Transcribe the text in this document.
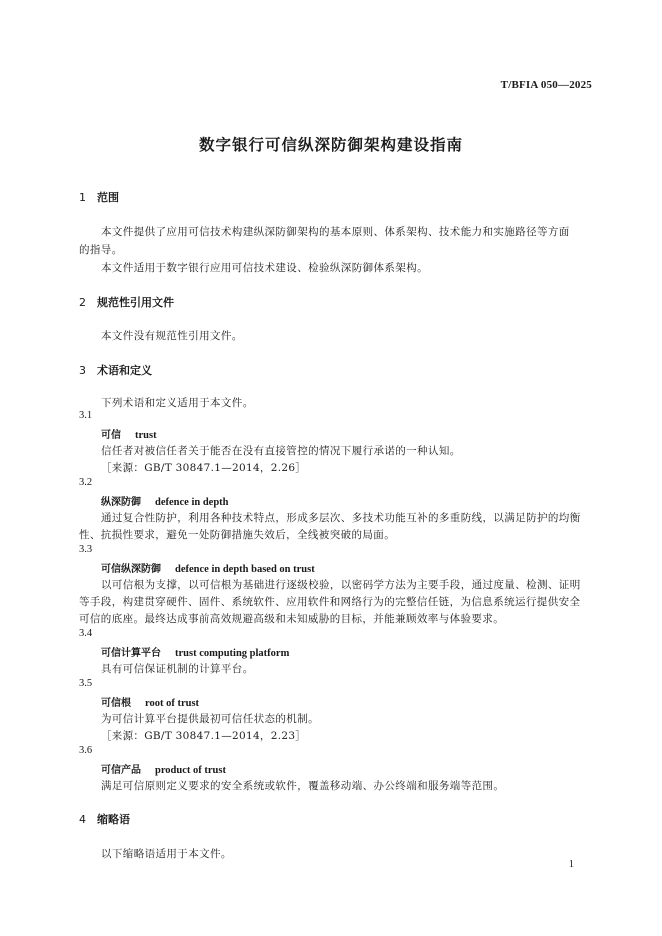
T/BFIA 050—2025
数字银行可信纵深防御架构建设指南
1 范围
本文件提供了应用可信技术构建纵深防御架构的基本原则、体系架构、技术能力和实施路径等方面
的指导。
本文件适用于数字银行应用可信技术建设、检验纵深防御体系架构。
2 规范性引用文件
本文件没有规范性引用文件。
3 术语和定义
下列术语和定义适用于本文件。
3.1
可信 trust
信任者对被信任者关于能否在没有直接管控的情况下履行承诺的一种认知。
［来源：GB/T 30847.1—2014，2.26］
3.2
纵深防御 defence in depth
通过复合性防护，利用各种技术特点，形成多层次、多技术功能互补的多重防线，以满足防护的均衡
性、抗损性要求，避免一处防御措施失效后，全线被突破的局面。
3.3
可信纵深防御 defence in depth based on trust
以可信根为支撑，以可信根为基础进行逐级校验，以密码学方法为主要手段，通过度量、检测、证明
等手段，构建贯穿硬件、固件、系统软件、应用软件和网络行为的完整信任链，为信息系统运行提供安全
可信的底座。最终达成事前高效规避高级和未知威胁的目标，并能兼顾效率与体验要求。
3.4
可信计算平台 trust computing platform
具有可信保证机制的计算平台。
3.5
可信根 root of trust
为可信计算平台提供最初可信任状态的机制。
［来源：GB/T 30847.1—2014，2.23］
3.6
可信产品 product of trust
满足可信原则定义要求的安全系统或软件，覆盖移动端、办公终端和服务端等范围。
4 缩略语
以下缩略语适用于本文件。
1
